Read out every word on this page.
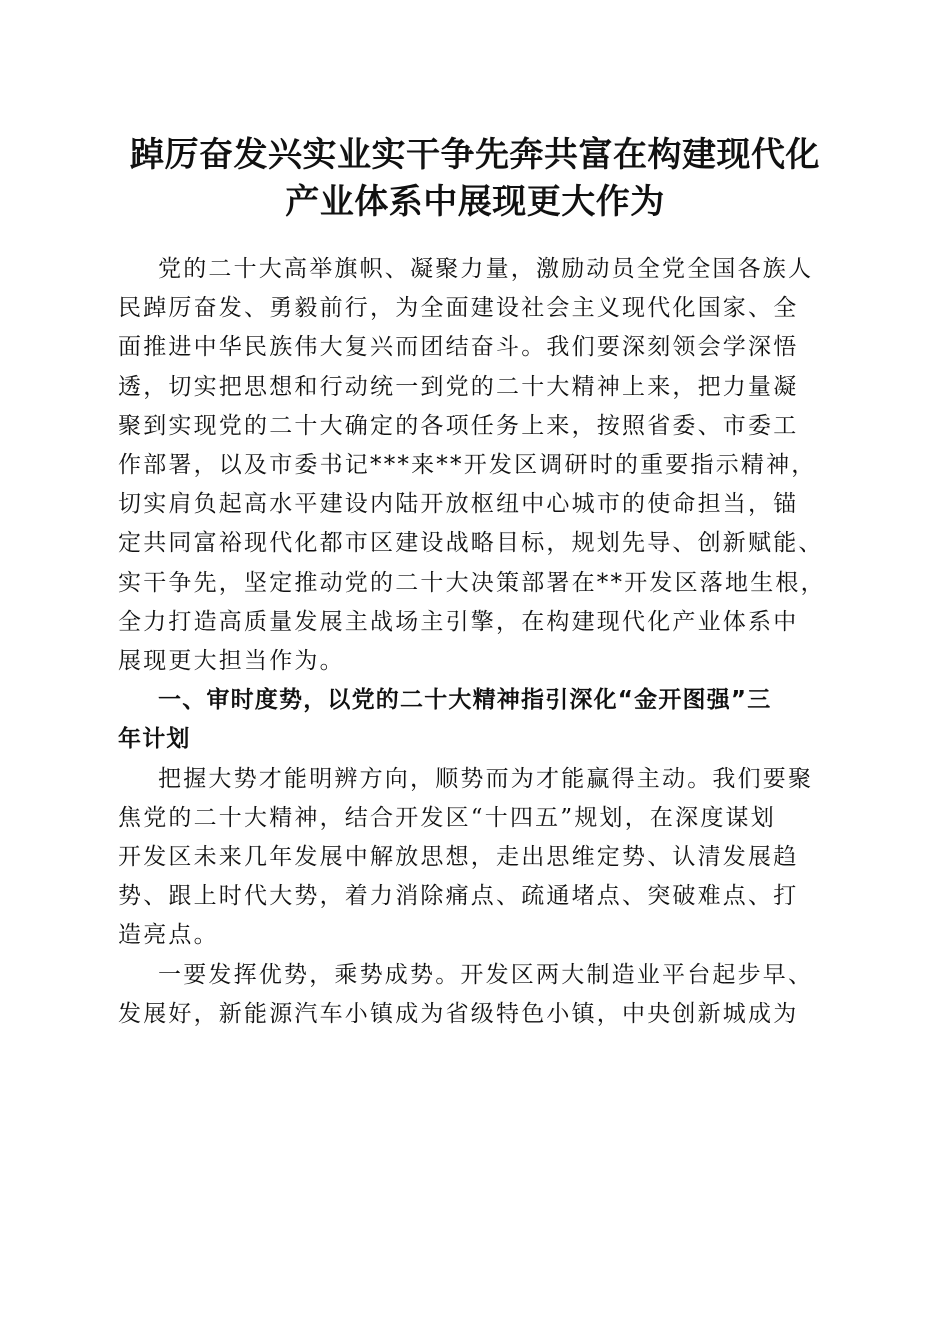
踔厉奋发兴实业实干争先奔共富在构建现代化
产业体系中展现更大作为

党的二十大高举旗帜、凝聚力量，激励动员全党全国各族人
民踔厉奋发、勇毅前行，为全面建设社会主义现代化国家、全
面推进中华民族伟大复兴而团结奋斗。我们要深刻领会学深悟
透，切实把思想和行动统一到党的二十大精神上来，把力量凝
聚到实现党的二十大确定的各项任务上来，按照省委、市委工
作部署，以及市委书记***来**开发区调研时的重要指示精神，
切实肩负起高水平建设内陆开放枢纽中心城市的使命担当，锚
定共同富裕现代化都市区建设战略目标，规划先导、创新赋能、
实干争先，坚定推动党的二十大决策部署在**开发区落地生根，
全力打造高质量发展主战场主引擎，在构建现代化产业体系中
展现更大担当作为。

一、审时度势，以党的二十大精神指引深化“金开图强”三
年计划

把握大势才能明辨方向，顺势而为才能赢得主动。我们要聚
焦党的二十大精神，结合开发区“十四五”规划，在深度谋划
开发区未来几年发展中解放思想，走出思维定势、认清发展趋
势、跟上时代大势，着力消除痛点、疏通堵点、突破难点、打
造亮点。

一要发挥优势，乘势成势。开发区两大制造业平台起步早、
发展好，新能源汽车小镇成为省级特色小镇，中央创新城成为
